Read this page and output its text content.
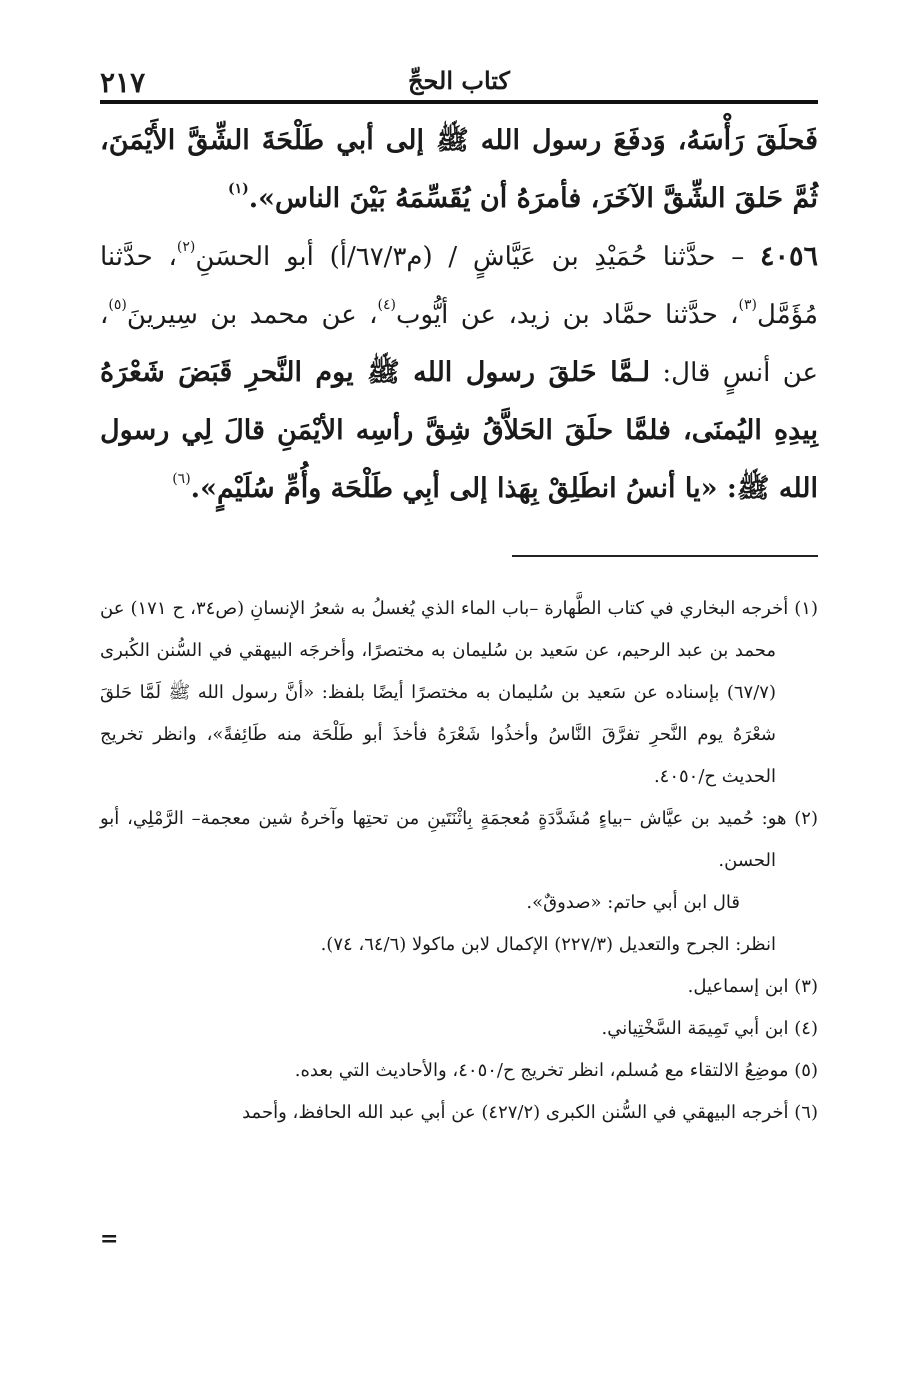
كتاب الحجِّ
٢١٧

فَحلَقَ رَأْسَهُ، وَدفَعَ رسول الله ﷺ إلى أبي طَلْحَةَ الشِّقَّ الأَيْمَنَ، ثُمَّ حَلقَ الشِّقَّ الآخَرَ، فأمرَهُ أن يُقَسِّمَهُ بَيْنَ الناس».$^{(١)}$

٤٠٥٦ – حدَّثنا حُمَيْدِ بن عَيَّاشٍ / (م٦٧/٣/أ) أبو الحسَنِ$^{(٢)}$، حدَّثنا مُؤَمَّل$^{(٣)}$، حدَّثنا حمَّاد بن زيد، عن أيُّوب$^{(٤)}$، عن محمد بن سِيرينَ$^{(٥)}$، عن أنسٍ قال: لـمَّا حَلقَ رسول الله ﷺ يوم النَّحرِ قَبَضَ شَعْرَهُ بِيدِهِ اليُمنَى، فلمَّا حلَقَ الحَلاَّقُ شِقَّ رأسِه الأيْمَنِ قالَ لِي رسول الله ﷺ: «يا أنسُ انطَلِقْ بِهَذا إلى أبِي طَلْحَة وأُمِّ سُلَيْمٍ».$^{(٦)}$

(١) أخرجه البخاري في كتاب الطَّهارة –باب الماء الذي يُغسلُ به شعرُ الإنسانِ (ص٣٤، ح ١٧١) عن محمد بن عبد الرحيم، عن سَعيد بن سُليمان به مختصرًا، وأخرجَه البيهقي في السُّنن الكُبرى (٦٧/٧) بإسناده عن سَعيد بن سُليمان به مختصرًا أيضًا بلفظ: «أنَّ رسول الله ﷺ لَمَّا حَلقَ شعْرَهُ يوم النَّحرِ تفرَّقَ النَّاسُ وأخذُوا شَعْرَهُ فأخذَ أبو طَلْحَة منه طَائِفةً»، وانظر تخريج الحديث ح/٤٠٥٠.

(٢) هو: حُميد بن عيَّاش –بياءٍ مُشَدَّدَةٍ مُعجمَةٍ بِاثْنَتَينِ من تحتِها وآخرهُ شين معجمة– الرَّمْلِي، أبو الحسن.

قال ابن أبي حاتم: «صدوقٌ».

انظر: الجرح والتعديل (٢٢٧/٣) الإكمال لابن ماكولا (٦٤/٦، ٧٤).

(٣) ابن إسماعيل.

(٤) ابن أبي تَمِيمَة السَّخْتِياني.

(٥) موضِعُ الالتقاء مع مُسلم، انظر تخريج ح/٤٠٥٠، والأحاديث التي بعده.

(٦) أخرجه البيهقي في السُّنن الكبرى (٤٢٧/٢) عن أبي عبد الله الحافظ، وأحمد

=
